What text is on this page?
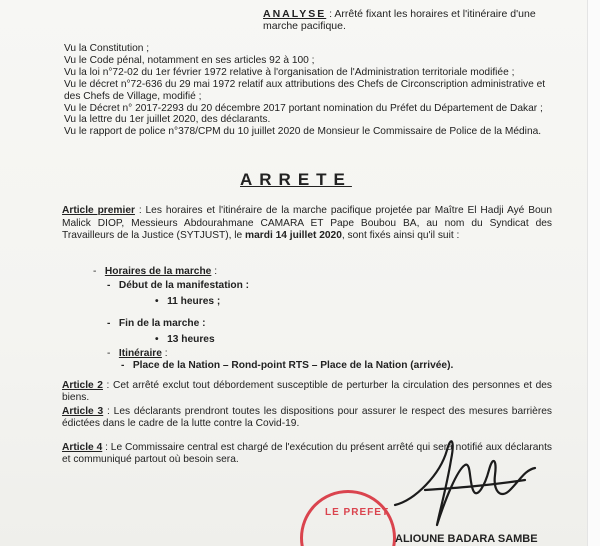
ANALYSE : Arrêté fixant les horaires et l'itinéraire d'une marche pacifique.
Vu la Constitution ;
Vu le Code pénal, notamment en ses articles 92 à 100 ;
Vu la loi n°72-02 du 1er février 1972 relative à l'organisation de l'Administration territoriale modifiée ;
Vu le décret n°72-636 du 29 mai 1972 relatif aux attributions des Chefs de Circonscription administrative et des Chefs de Village, modifié ;
Vu le Décret n° 2017-2293 du 20 décembre 2017 portant nomination du Préfet du Département de Dakar ;
Vu la lettre du 1er juillet 2020, des déclarants.
Vu le rapport de police n°378/CPM du 10 juillet 2020 de Monsieur le Commissaire de Police de la Médina.
ARRETE
Article premier : Les horaires et l'itinéraire de la marche pacifique projetée par Maître El Hadji Ayé Boun Malick DIOP, Messieurs Abdourahmane CAMARA ET Pape Boubou BA, au nom du Syndicat des Travailleurs de la Justice (SYTJUST), le mardi 14 juillet 2020, sont fixés ainsi qu'il suit :
-   Horaires de la marche :
-   Début de la manifestation :
•   11 heures ;
-   Fin de la marche :
•   13 heures
-   Itinéraire :
-   Place de la Nation – Rond-point RTS – Place de la Nation (arrivée).
Article 2 : Cet arrêté exclut tout débordement susceptible de perturber la circulation des personnes et des biens.
Article 3 : Les déclarants prendront toutes les dispositions pour assurer le respect des mesures barrières édictées dans le cadre de la lutte contre la Covid-19.
Article 4 : Le Commissaire central est chargé de l'exécution du présent arrêté qui sera notifié aux déclarants et communiqué partout où besoin sera.
LE PREFET
ALIOUNE BADARA SAMBE
